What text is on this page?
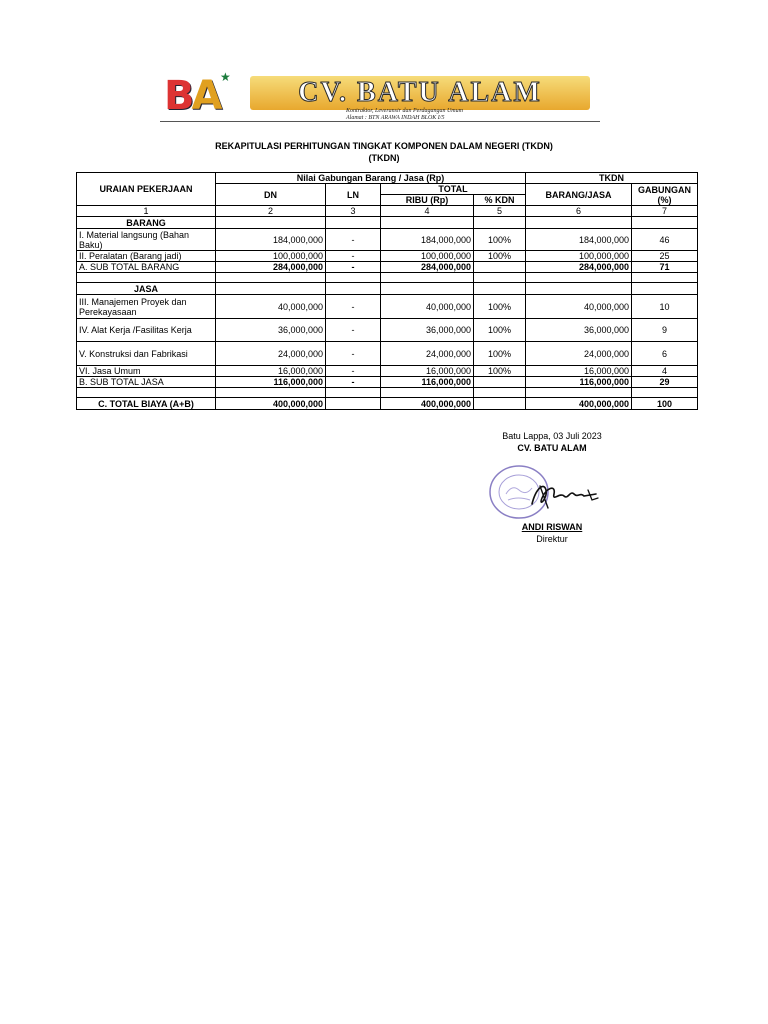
BA ★	CV. BATU ALAM
Kontraktor, Leveransir dan Perdagangan Umum
Alamat : BTN ARAWA INDAH BLOK I/5
REKAPITULASI PERHITUNGAN TINGKAT KOMPONEN DALAM NEGERI (TKDN)
(TKDN)
URAIAN PEKERJAAN	Nilai Gabungan Barang / Jasa (Rp)				TKDN	
	DN	LN	TOTAL		BARANG/JASA	GABUNGAN (%)
			RIBU (Rp)	% KDN		
1	2	3	4	5	6	7
BARANG						
I. Material langsung (Bahan Baku)	184,000,000	-	184,000,000	100%	184,000,000	46
II. Peralatan (Barang jadi)	100,000,000	-	100,000,000	100%	100,000,000	25
A. SUB TOTAL BARANG	284,000,000	-	284,000,000		284,000,000	71

JASA						
III. Manajemen Proyek dan Perekayasaan	40,000,000	-	40,000,000	100%	40,000,000	10
IV. Alat Kerja /Fasilitas Kerja	36,000,000	-	36,000,000	100%	36,000,000	9
V. Konstruksi dan Fabrikasi	24,000,000	-	24,000,000	100%	24,000,000	6
VI. Jasa Umum	16,000,000	-	16,000,000	100%	16,000,000	4
B. SUB TOTAL JASA	116,000,000	-	116,000,000		116,000,000	29

C. TOTAL BIAYA (A+B)	400,000,000		400,000,000		400,000,000	100
Batu Lappa, 03 Juli 2023
CV. BATU ALAM
ANDI RISWAN
Direktur
